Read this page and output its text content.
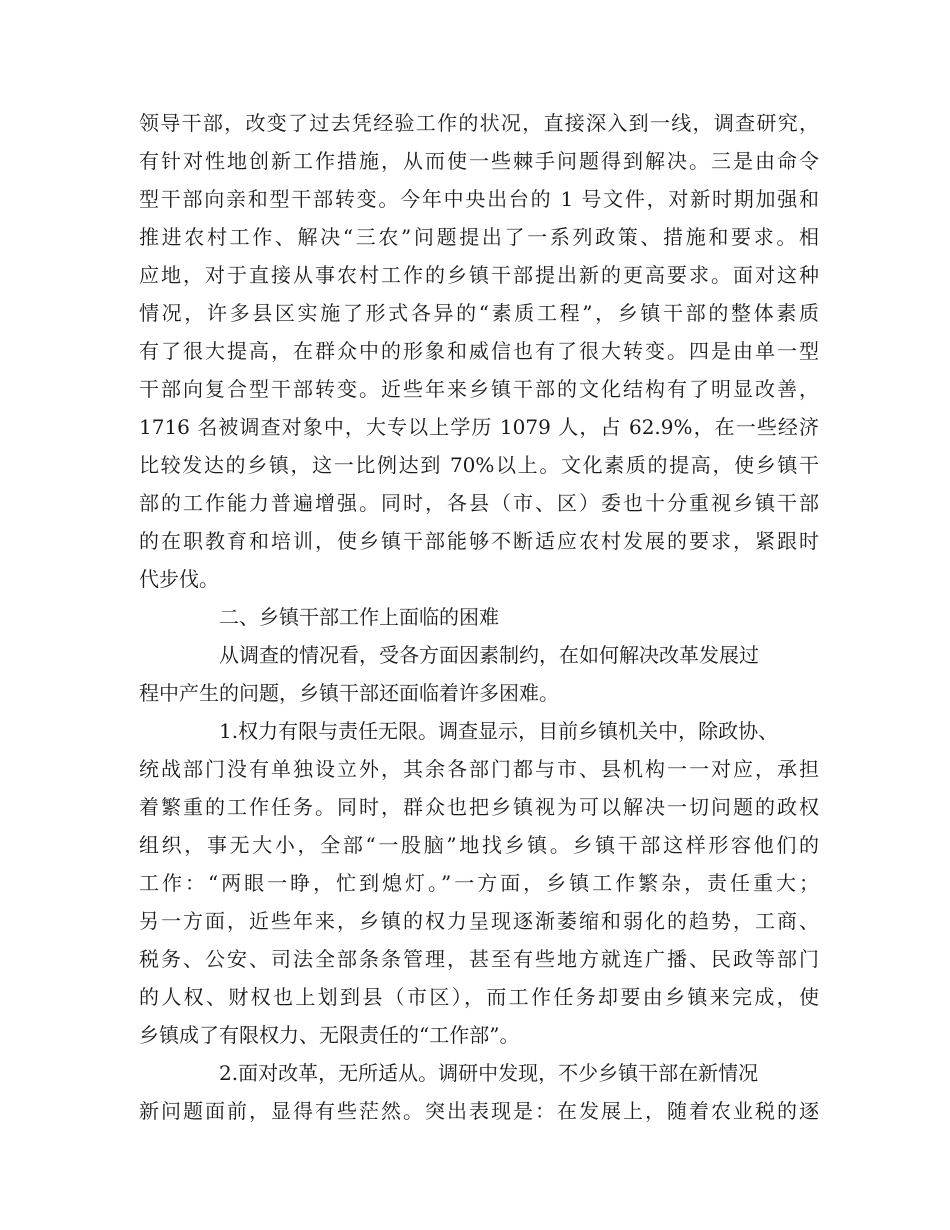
领导干部，改变了过去凭经验工作的状况，直接深入到一线，调查研究，
有针对性地创新工作措施，从而使一些棘手问题得到解决。三是由命令
型干部向亲和型干部转变。今年中央出台的 1 号文件，对新时期加强和
推进农村工作、解决“三农”问题提出了一系列政策、措施和要求。相
应地，对于直接从事农村工作的乡镇干部提出新的更高要求。面对这种
情况，许多县区实施了形式各异的“素质工程”，乡镇干部的整体素质
有了很大提高，在群众中的形象和威信也有了很大转变。四是由单一型
干部向复合型干部转变。近些年来乡镇干部的文化结构有了明显改善，
1716 名被调查对象中，大专以上学历 1079 人，占 62.9%，在一些经济
比较发达的乡镇，这一比例达到 70%以上。文化素质的提高，使乡镇干
部的工作能力普遍增强。同时，各县（市、区）委也十分重视乡镇干部
的在职教育和培训，使乡镇干部能够不断适应农村发展的要求，紧跟时
代步伐。
二、乡镇干部工作上面临的困难
从调查的情况看，受各方面因素制约，在如何解决改革发展过
程中产生的问题，乡镇干部还面临着许多困难。
1.权力有限与责任无限。调查显示，目前乡镇机关中，除政协、
统战部门没有单独设立外，其余各部门都与市、县机构一一对应，承担
着繁重的工作任务。同时，群众也把乡镇视为可以解决一切问题的政权
组织，事无大小，全部“一股脑”地找乡镇。乡镇干部这样形容他们的
工作：“两眼一睁，忙到熄灯。”一方面，乡镇工作繁杂，责任重大；
另一方面，近些年来，乡镇的权力呈现逐渐萎缩和弱化的趋势，工商、
税务、公安、司法全部条条管理，甚至有些地方就连广播、民政等部门
的人权、财权也上划到县（市区），而工作任务却要由乡镇来完成，使
乡镇成了有限权力、无限责任的“工作部”。
2.面对改革，无所适从。调研中发现，不少乡镇干部在新情况
新问题面前，显得有些茫然。突出表现是：在发展上，随着农业税的逐
